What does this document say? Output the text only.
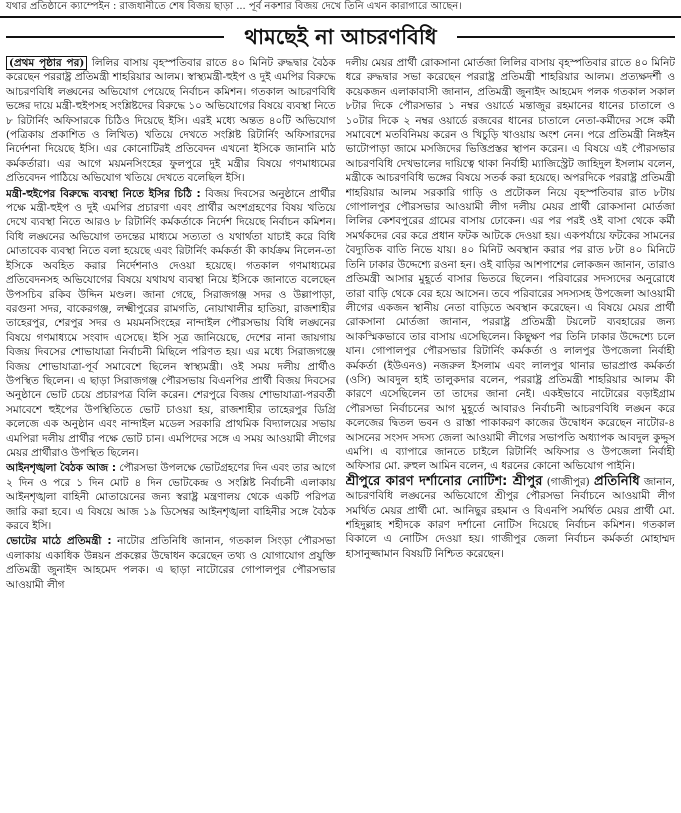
যথার প্রতিষ্ঠানে ক্যাম্পেইন : রাজধানীতে শেষ বিজয় ছাড়া ... পূর্ব নকশার বিজয় দেখে তিনি এখন কারাগারে আছেন।
থামছেই না আচরণবিধি

(প্রথম পৃষ্ঠার পর) লিলির বাসায় বৃহস্পতিবার রাতে ৪০ মিনিট রুদ্ধদ্বার বৈঠক করেছেন পররাষ্ট্র প্রতিমন্ত্রী শাহরিয়ার আলম। স্বাস্থ্যমন্ত্রী-হুইপ ও দুই এমপির বিরুদ্ধে আচরণবিধি লঙ্ঘনের অভিযোগ পেয়েছে নির্বাচন কমিশন। গতকাল আচরণবিধি ভঙ্গের দায়ে মন্ত্রী-হুইপসহ সংশ্লিষ্টদের বিরুদ্ধে ১০ অভিযোগের বিষয়ে ব্যবস্থা নিতে ৮ রিটার্নিং অফিসারকে চিঠিও দিয়েছে ইসি। এরই মধ্যে অন্তত ৪০টি অভিযোগ (পত্রিকায় প্রকাশিত ও লিখিত) খতিয়ে দেখতে সংশ্লিষ্ট রিটার্নিং অফিসারদের নির্দেশনা দিয়েছে ইসি। এর কোনোটিরই প্রতিবেদন এখনো ইসিকে জানানি মাঠ কর্মকর্তারা। এর আগে ময়মনসিংহের ফুলপুরে দুই মন্ত্রীর বিষয়ে গণমাধ্যমের প্রতিবেদন পাঠিয়ে অভিযোগ খতিয়ে দেখতে বলেছিল ইসি।

মন্ত্রী-হুইপের বিরুদ্ধে ব্যবস্থা নিতে ইসির চিঠি : বিজয় দিবসের অনুষ্ঠানে প্রার্থীর পক্ষে মন্ত্রী-হুইপ ও দুই এমপির প্রচারণা এবং প্রার্থীর অংশগ্রহণের বিষয় খতিয়ে দেখে ব্যবস্থা নিতে আরও ৮ রিটার্নিং কর্মকর্তাকে নির্দেশ দিয়েছে নির্বাচন কমিশন। বিধি লঙ্ঘনের অভিযোগ তদন্তের মাধ্যমে সত্যতা ও যথার্থতা যাচাই করে বিধি মোতাবেক ব্যবস্থা নিতে বলা হয়েছে এবং রিটার্নিং কর্মকর্তা কী কার্যক্রম নিলেন-তা ইসিকে অবহিত করার নির্দেশনাও দেওয়া হয়েছে। গতকাল গণমাধ্যমের প্রতিবেদনসহ অভিযোগের বিষয়ে যথাযথ ব্যবস্থা নিয়ে ইসিকে জানাতে বলেছেন উপসচিব রকিব উদ্দিন মণ্ডল। জানা গেছে, সিরাজগঞ্জ সদর ও উল্লাপাড়া, বরগুনা সদর, বাকেরগঞ্জ, লক্ষ্মীপুরের রামগতি, নোয়াখালীর হাতিয়া, রাজশাহীর তাহেরপুর, শেরপুর সদর ও ময়মনসিংহের নান্দাইল পৌরসভায় বিধি লঙ্ঘনের বিষয়ে গণমাধ্যমে সংবাদ এসেছে। ইসি সূত্র জানিয়েছে, দেশের নানা জায়গায় বিজয় দিবসের শোভাযাত্রা নির্বাচনী মিছিলে পরিণত হয়। এর মধ্যে সিরাজগঞ্জে বিজয় শোভাযাত্রা-পূর্ব সমাবেশে ছিলেন স্বাস্থ্যমন্ত্রী। ওই সময় দলীয় প্রার্থীও উপস্থিত ছিলেন। এ ছাড়া সিরাজগঞ্জ পৌরসভায় বিএনপির প্রার্থী বিজয় দিবসের অনুষ্ঠানে ভোট চেয়ে প্রচারপত্র বিলি করেন। শেরপুরে বিজয় শোভাযাত্রা-পরবর্তী সমাবেশে হুইপের উপস্থিতিতে ভোট চাওয়া হয়, রাজশাহীর তাহেরপুর ডিগ্রি কলেজে এক অনুষ্ঠান এবং নান্দাইল মডেল সরকারি প্রাথমিক বিদ্যালয়ের সভায় এমপিরা দলীয় প্রার্থীর পক্ষে ভোট চান। এমপিদের সঙ্গে এ সময় আওয়ামী লীগের মেয়র প্রার্থীরাও উপস্থিত ছিলেন।

আইনশৃঙ্খলা বৈঠক আজ : পৌরসভা উপলক্ষে ভোটগ্রহণের দিন এবং তার আগে ২ দিন ও পরে ১ দিন মোট ৪ দিন ভোটকেন্দ্র ও সংশ্লিষ্ট নির্বাচনী এলাকায় আইনশৃঙ্খলা বাহিনী মোতায়েনের জন্য স্বরাষ্ট্র মন্ত্রণালয় থেকে একটি পরিপত্র জারি করা হবে। এ বিষয়ে আজ ১৯ ডিসেম্বর আইনশৃঙ্খলা বাহিনীর সঙ্গে বৈঠক করবে ইসি।

ভোটের মাঠে প্রতিমন্ত্রী : নাটোর প্রতিনিধি জানান, গতকাল সিংড়া পৌরসভা এলাকায় একাধিক উন্নয়ন প্রকল্পের উদ্বোধন করেছেন তথ্য ও যোগাযোগ প্রযুক্তি প্রতিমন্ত্রী জুনাইদ আহমেদ পলক। এ ছাড়া নাটোরের গোপালপুর পৌরসভার আওয়ামী লীগ

দলীয় মেয়র প্রার্থী রোকসানা মোর্তজা লিলির বাসায় বৃহস্পতিবার রাতে ৪০ মিনিট ধরে রুদ্ধদ্বার সভা করেছেন পররাষ্ট্র প্রতিমন্ত্রী শাহরিয়ার আলম। প্রত্যক্ষদর্শী ও কয়েকজন এলাকাবাসী জানান, প্রতিমন্ত্রী জুনাইদ আহমেদ পলক গতকাল সকাল ৮টার দিকে পৌরসভার ১ নম্বর ওয়ার্ডে মন্তাজুর রহমানের ধানের চাতালে ও ১০টার দিকে ২ নম্বর ওয়ার্ডে রজবের ধানের চাতালে নেতা-কর্মীদের সঙ্গে কর্মী সমাবেশে মতবিনিময় করেন ও খিচুড়ি খাওয়ায় অংশ নেন। পরে প্রতিমন্ত্রী নিঙ্গইন ভাটোপাড়া জামে মসজিদের ভিত্তিপ্রস্তর স্থাপন করেন। এ বিষয়ে এই পৌরসভার আচরণবিধি দেখভালের দায়িত্বে থাকা নির্বাহী ম্যাজিস্ট্রেট জাহিদুল ইসলাম বলেন, মন্ত্রীকে আচরণবিধি ভঙ্গের বিষয়ে সতর্ক করা হয়েছে। অপরদিকে পররাষ্ট্র প্রতিমন্ত্রী শাহরিয়ার আলম সরকারি গাড়ি ও প্রটোকল নিয়ে বৃহস্পতিবার রাত ৮টায় গোপালপুর পৌরসভার আওয়ামী লীগ দলীয় মেয়র প্রার্থী রোকসানা মোর্তজা লিলির কেশবপুরের গ্রামের বাসায় ঢোকেন। এর পর পরই ওই বাসা থেকে কর্মী সমর্থকদের বের করে প্রধান ফটক আটকে দেওয়া হয়। একপর্যায়ে ফটকের সামনের বৈদ্যুতিক বাতি নিভে যায়। ৪০ মিনিট অবস্থান করার পর রাত ৮টা ৪০ মিনিটে তিনি ঢাকার উদ্দেশ্যে রওনা হন। ওই বাড়ির আশপাশের লোকজন জানান, তারাও প্রতিমন্ত্রী আসার মুহূর্তে বাসার ভিতরে ছিলেন। পরিবারের সদস্যদের অনুরোধে তারা বাড়ি থেকে বের হয়ে আসেন। তবে পরিবারের সদস্যসহ উপজেলা আওয়ামী লীগের একজন স্থানীয় নেতা বাড়িতে অবস্থান করেছেন। এ বিষয়ে মেয়র প্রার্থী রোকসানা মোর্তজা জানান, পররাষ্ট্র প্রতিমন্ত্রী টয়লেট ব্যবহারের জন্য আকস্মিকভাবে তার বাসায় এসেছিলেন। কিছুক্ষণ পর তিনি ঢাকার উদ্দেশ্যে চলে যান। গোপালপুর পৌরসভার রিটার্নিং কর্মকর্তা ও লালপুর উপজেলা নির্বাহী কর্মকর্তা (ইউএনও) নজরুল ইসলাম এবং লালপুর থানার ভারপ্রাপ্ত কর্মকর্তা (ওসি) আবদুল হাই তালুকদার বলেন, পররাষ্ট্র প্রতিমন্ত্রী শাহরিয়ার আলম কী কারণে এসেছিলেন তা তাদের জানা নেই। একইভাবে নাটোরের বড়াইগ্রাম পৌরসভা নির্বাচনের আগ মুহূর্তে আবারও নির্বাচনী আচরণবিধি লঙ্ঘন করে কলেজের দ্বিতল ভবন ও রাস্তা পাকাকরণ কাজের উদ্বোধন করেছেন নাটোর-৪ আসনের সংসদ সদস্য জেলা আওয়ামী লীগের সভাপতি অধ্যাপক আবদুল কুদ্দুস এমপি। এ ব্যাপারে জানতে চাইলে রিটার্নিং অফিসার ও উপজেলা নির্বাহী অফিসার মো. রুহুল আমিন বলেন, এ ধরনের কোনো অভিযোগ পাইনি।

শ্রীপুরে কারণ দর্শানোর নোটিশ: শ্রীপুর (গাজীপুর) প্রতিনিধি জানান, আচরণবিধি লঙ্ঘনের অভিযোগে শ্রীপুর পৌরসভা নির্বাচনে আওয়ামী লীগ সমর্থিত মেয়র প্রার্থী মো. আনিছুর রহমান ও বিএনপি সমর্থিত মেয়র প্রার্থী মো. শহিদুল্লাহ শহীদকে কারণ দর্শানো নোটিস দিয়েছে নির্বাচন কমিশন। গতকাল বিকালে এ নোটিস দেওয়া হয়। গাজীপুর জেলা নির্বাচন কর্মকর্তা মোহাম্মদ হাসানুজ্জামান বিষয়টি নিশ্চিত করেছেন।
